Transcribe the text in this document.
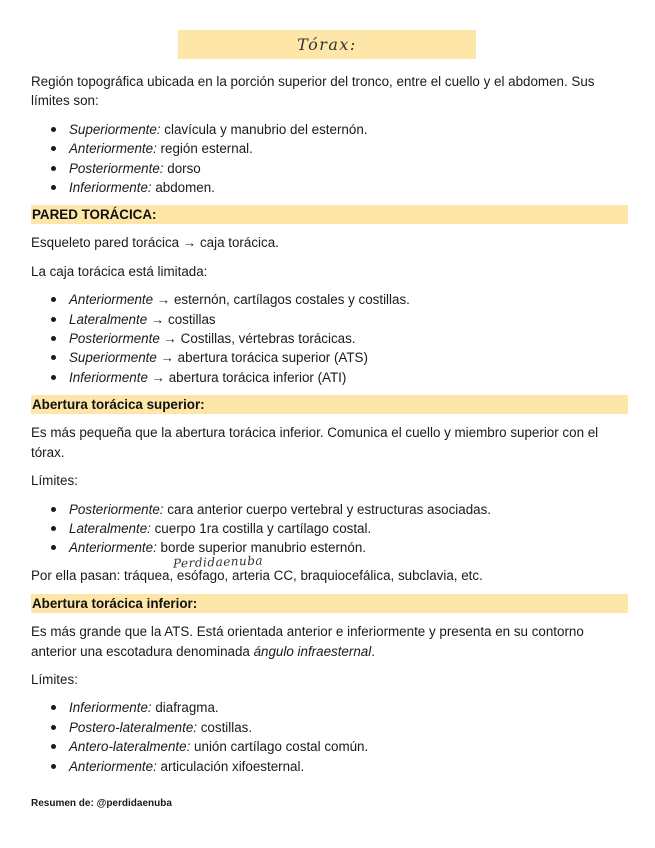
Tórax:

Región topográfica ubicada en la porción superior del tronco, entre el cuello y el abdomen. Sus límites son:

Superiormente: clavícula y manubrio del esternón.
Anteriormente: región esternal.
Posteriormente: dorso
Inferiormente: abdomen.
PARED TORÁCICA:

Esqueleto pared torácica → caja torácica.

La caja torácica está limitada:

Anteriormente → esternón, cartílagos costales y costillas.
Lateralmente → costillas
Posteriormente → Costillas, vértebras torácicas.
Superiormente → abertura torácica superior (ATS)
Inferiormente → abertura torácica inferior (ATI)
Abertura torácica superior:

Es más pequeña que la abertura torácica inferior. Comunica el cuello y miembro superior con el tórax.

Límites:

Posteriormente: cara anterior cuerpo vertebral y estructuras asociadas.
Lateralmente: cuerpo 1ra costilla y cartílago costal.
Anteriormente: borde superior manubrio esternón.

Perdidaenuba
Por ella pasan: tráquea, esófago, arteria CC, braquiocefálica, subclavia, etc.

Abertura torácica inferior:

Es más grande que la ATS. Está orientada anterior e inferiormente y presenta en su contorno anterior una escotadura denominada ángulo infraesternal.

Límites:

Inferiormente: diafragma.
Postero-lateralmente: costillas.
Antero-lateralmente: unión cartílago costal común.
Anteriormente: articulación xifoesternal.
Resumen de: @perdidaenuba
